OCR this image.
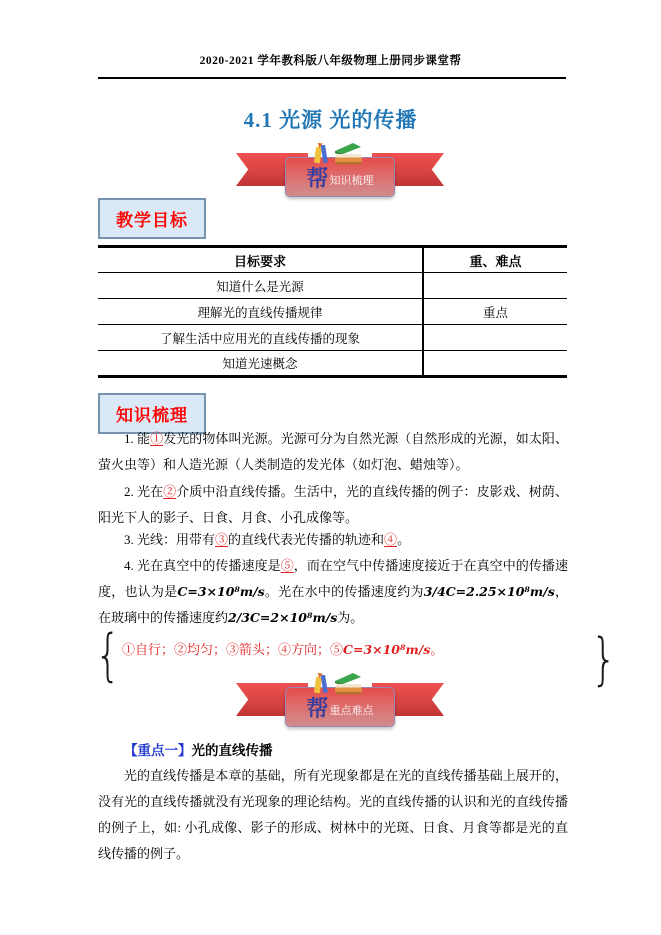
2020-2021 学年教科版八年级物理上册同步课堂帮
4.1 光源 光的传播
帮 知识梳理
教学目标
目标要求	重、难点
知道什么是光源	
理解光的直线传播规律	重点
了解生活中应用光的直线传播的现象	
知道光速概念	
知识梳理
1. 能①发光的物体叫光源。光源可分为自然光源（自然形成的光源，如太阳、萤火虫等）和人造光源（人类制造的发光体（如灯泡、蜡烛等）。
2. 光在②介质中沿直线传播。生活中，光的直线传播的例子：皮影戏、树荫、阳光下人的影子、日食、月食、小孔成像等。
3. 光线：用带有③的直线代表光传播的轨迹和④。
4. 光在真空中的传播速度是⑤，而在空气中传播速度接近于在真空中的传播速度，也认为是C=3×10⁸m/s。光在水中的传播速度约为3/4C=2.25×10⁸m/s，在玻璃中的传播速度约2/3C=2×10⁸m/s为。
{ ①自行；②均匀；③箭头；④方向；⑤C=3×10⁸m/s。	}
帮 重点难点
【重点一】光的直线传播
光的直线传播是本章的基础，所有光现象都是在光的直线传播基础上展开的，没有光的直线传播就没有光现象的理论结构。光的直线传播的认识和光的直线传播的例子上，如: 小孔成像、影子的形成、树林中的光斑、日食、月食等都是光的直线传播的例子。
